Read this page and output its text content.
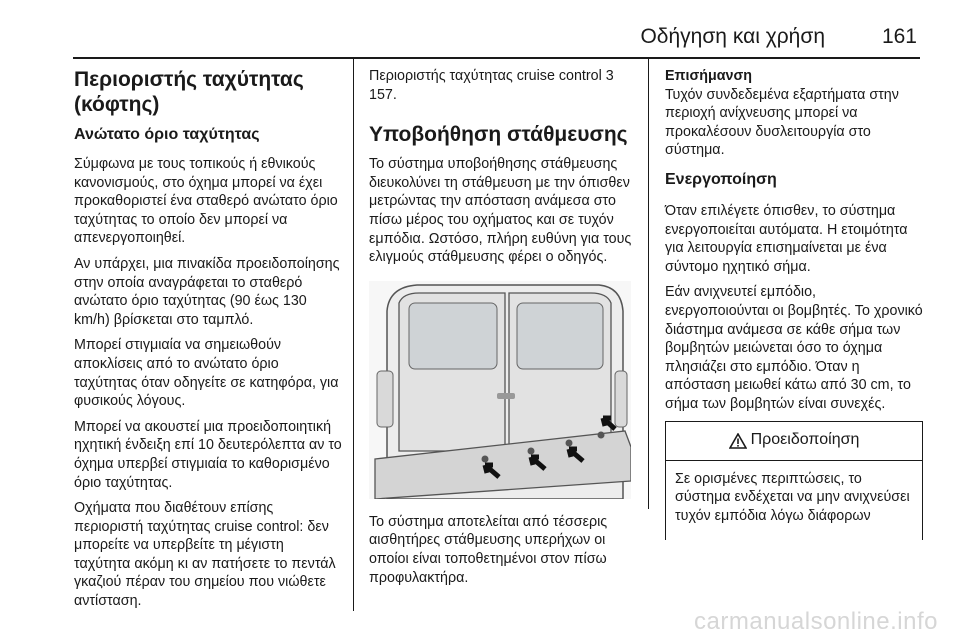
Οδήγηση και χρήση	161
Περιοριστής ταχύτητας (κόφτης)
Ανώτατο όριο ταχύτητας

Σύμφωνα με τους τοπικούς ή εθνικούς κανονισμούς, στο όχημα μπορεί να έχει προκαθοριστεί ένα σταθερό ανώτατο όριο ταχύτητας το οποίο δεν μπορεί να απενεργοποιηθεί.

Αν υπάρχει, μια πινακίδα προειδοποίησης στην οποία αναγράφεται το σταθερό ανώτατο όριο ταχύτητας (90 έως 130 km/h) βρίσκεται στο ταμπλό.

Μπορεί στιγμιαία να σημειωθούν αποκλίσεις από το ανώτατο όριο ταχύτητας όταν οδηγείτε σε κατηφόρα, για φυσικούς λόγους.

Μπορεί να ακουστεί μια προειδοποιητική ηχητική ένδειξη επί 10 δευτερόλεπτα αν το όχημα υπερβεί στιγμιαία το καθορισμένο όριο ταχύτητας.

Οχήματα που διαθέτουν επίσης περιοριστή ταχύτητας cruise control: δεν μπορείτε να υπερβείτε τη μέγιστη ταχύτητα ακόμη κι αν πατήσετε το πεντάλ γκαζιού πέραν του σημείου που νιώθετε αντίσταση.

Περιοριστής ταχύτητας cruise control 3 157.

Υποβοήθηση στάθμευσης

Το σύστημα υποβοήθησης στάθμευσης διευκολύνει τη στάθμευση με την όπισθεν μετρώντας την απόσταση ανάμεσα στο πίσω μέρος του οχήματος και σε τυχόν εμπόδια. Ωστόσο, πλήρη ευθύνη για τους ελιγμούς στάθμευσης φέρει ο οδηγός.

Το σύστημα αποτελείται από τέσσερις αισθητήρες στάθμευσης υπερήχων οι οποίοι είναι τοποθετημένοι στον πίσω προφυλακτήρα.

Επισήμανση

Τυχόν συνδεδεμένα εξαρτήματα στην περιοχή ανίχνευσης μπορεί να προκαλέσουν δυσλειτουργία στο σύστημα.

Ενεργοποίηση

Όταν επιλέγετε όπισθεν, το σύστημα ενεργοποιείται αυτόματα. Η ετοιμότητα για λειτουργία επισημαίνεται με ένα σύντομο ηχητικό σήμα.

Εάν ανιχνευτεί εμπόδιο, ενεργοποιούνται οι βομβητές. Το χρονικό διάστημα ανάμεσα σε κάθε σήμα των βομβητών μειώνεται όσο το όχημα πλησιάζει στο εμπόδιο. Όταν η απόσταση μειωθεί κάτω από 30 cm, το σήμα των βομβητών είναι συνεχές.

Προειδοποίηση
Σε ορισμένες περιπτώσεις, το σύστημα ενδέχεται να μην ανιχνεύσει τυχόν εμπόδια λόγω διάφορων
carmanualsonline.info
